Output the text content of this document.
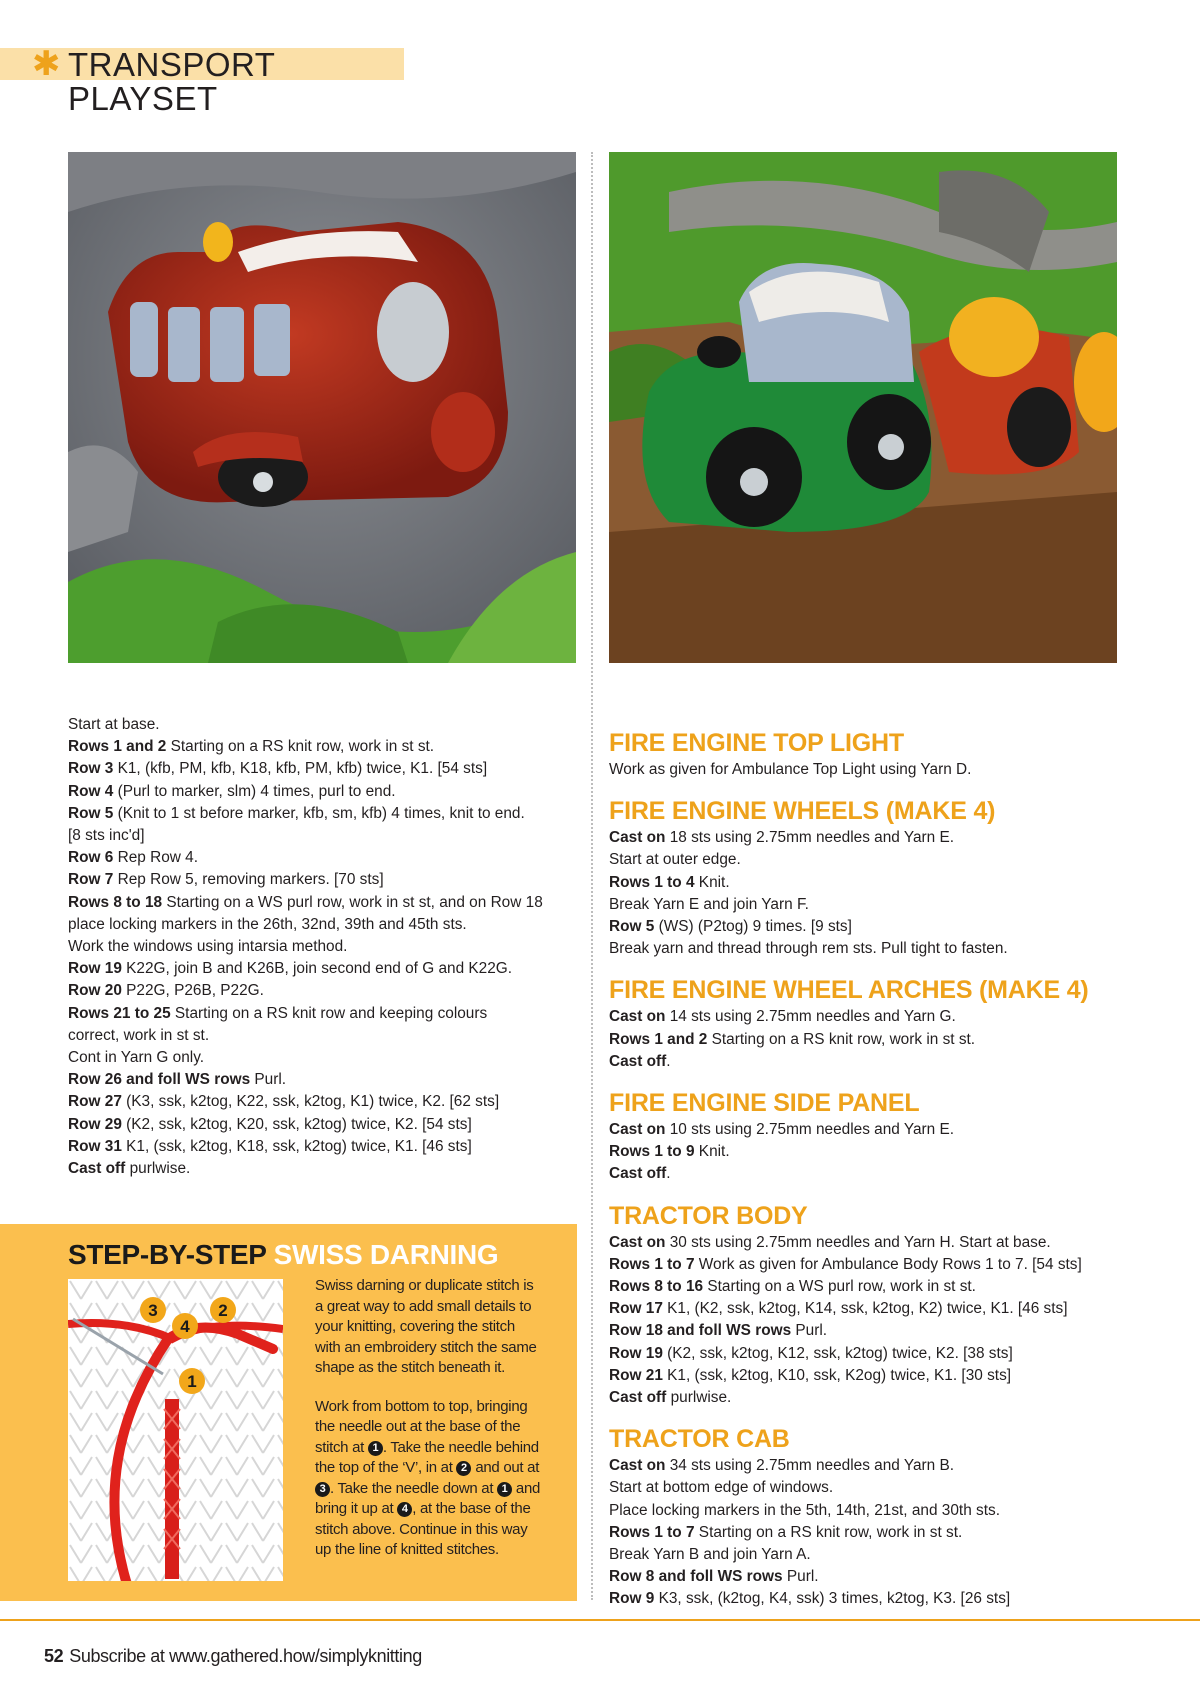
✱ TRANSPORT PLAYSET

Start at base.

Rows 1 and 2 Starting on a RS knit row, work in st st.

Row 3 K1, (kfb, PM, kfb, K18, kfb, PM, kfb) twice, K1. [54 sts]

Row 4 (Purl to marker, slm) 4 times, purl to end.

Row 5 (Knit to 1 st before marker, kfb, sm, kfb) 4 times, knit to end.

[8 sts inc'd]

Row 6 Rep Row 4.

Row 7 Rep Row 5, removing markers. [70 sts]

Rows 8 to 18 Starting on a WS purl row, work in st st, and on Row 18

place locking markers in the 26th, 32nd, 39th and 45th sts.

Work the windows using intarsia method.

Row 19 K22G, join B and K26B, join second end of G and K22G.

Row 20 P22G, P26B, P22G.

Rows 21 to 25 Starting on a RS knit row and keeping colours

correct, work in st st.

Cont in Yarn G only.

Row 26 and foll WS rows Purl.

Row 27 (K3, ssk, k2tog, K22, ssk, k2tog, K1) twice, K2. [62 sts]

Row 29 (K2, ssk, k2tog, K20, ssk, k2tog) twice, K2. [54 sts]

Row 31 K1, (ssk, k2tog, K18, ssk, k2tog) twice, K1. [46 sts]

Cast off purlwise.

FIRE ENGINE TOP LIGHT

Work as given for Ambulance Top Light using Yarn D.

FIRE ENGINE WHEELS (MAKE 4)

Cast on 18 sts using 2.75mm needles and Yarn E.

Start at outer edge.

Rows 1 to 4 Knit.

Break Yarn E and join Yarn F.

Row 5 (WS) (P2tog) 9 times. [9 sts]

Break yarn and thread through rem sts. Pull tight to fasten.

FIRE ENGINE WHEEL ARCHES (MAKE 4)

Cast on 14 sts using 2.75mm needles and Yarn G.

Rows 1 and 2 Starting on a RS knit row, work in st st.

Cast off.

FIRE ENGINE SIDE PANEL

Cast on 10 sts using 2.75mm needles and Yarn E.

Rows 1 to 9 Knit.

Cast off.

TRACTOR BODY

Cast on 30 sts using 2.75mm needles and Yarn H. Start at base.

Rows 1 to 7 Work as given for Ambulance Body Rows 1 to 7. [54 sts]

Rows 8 to 16 Starting on a WS purl row, work in st st.

Row 17 K1, (K2, ssk, k2tog, K14, ssk, k2tog, K2) twice, K1. [46 sts]

Row 18 and foll WS rows Purl.

Row 19 (K2, ssk, k2tog, K12, ssk, k2tog) twice, K2. [38 sts]

Row 21 K1, (ssk, k2tog, K10, ssk, K2og) twice, K1. [30 sts]

Cast off purlwise.

TRACTOR CAB

Cast on 34 sts using 2.75mm needles and Yarn B.

Start at bottom edge of windows.

Place locking markers in the 5th, 14th, 21st, and 30th sts.

Rows 1 to 7 Starting on a RS knit row, work in st st.

Break Yarn B and join Yarn A.

Row 8 and foll WS rows Purl.

Row 9 K3, ssk, (k2tog, K4, ssk) 3 times, k2tog, K3. [26 sts]

STEP-BY-STEP SWISS DARNING
3
4
2
1

Swiss darning or duplicate stitch is

a great way to add small details to

your knitting, covering the stitch

with an embroidery stitch the same

shape as the stitch beneath it.

Work from bottom to top, bringing

the needle out at the base of the

stitch at 1 . Take the needle behind

the top of the ‘V’, in at 2 and out at

3 . Take the needle down at 1 and

bring it up at 4 , at the base of the

stitch above. Continue in this way

up the line of knitted stitches.

52 Subscribe at www.gathered.how/simplyknitting
